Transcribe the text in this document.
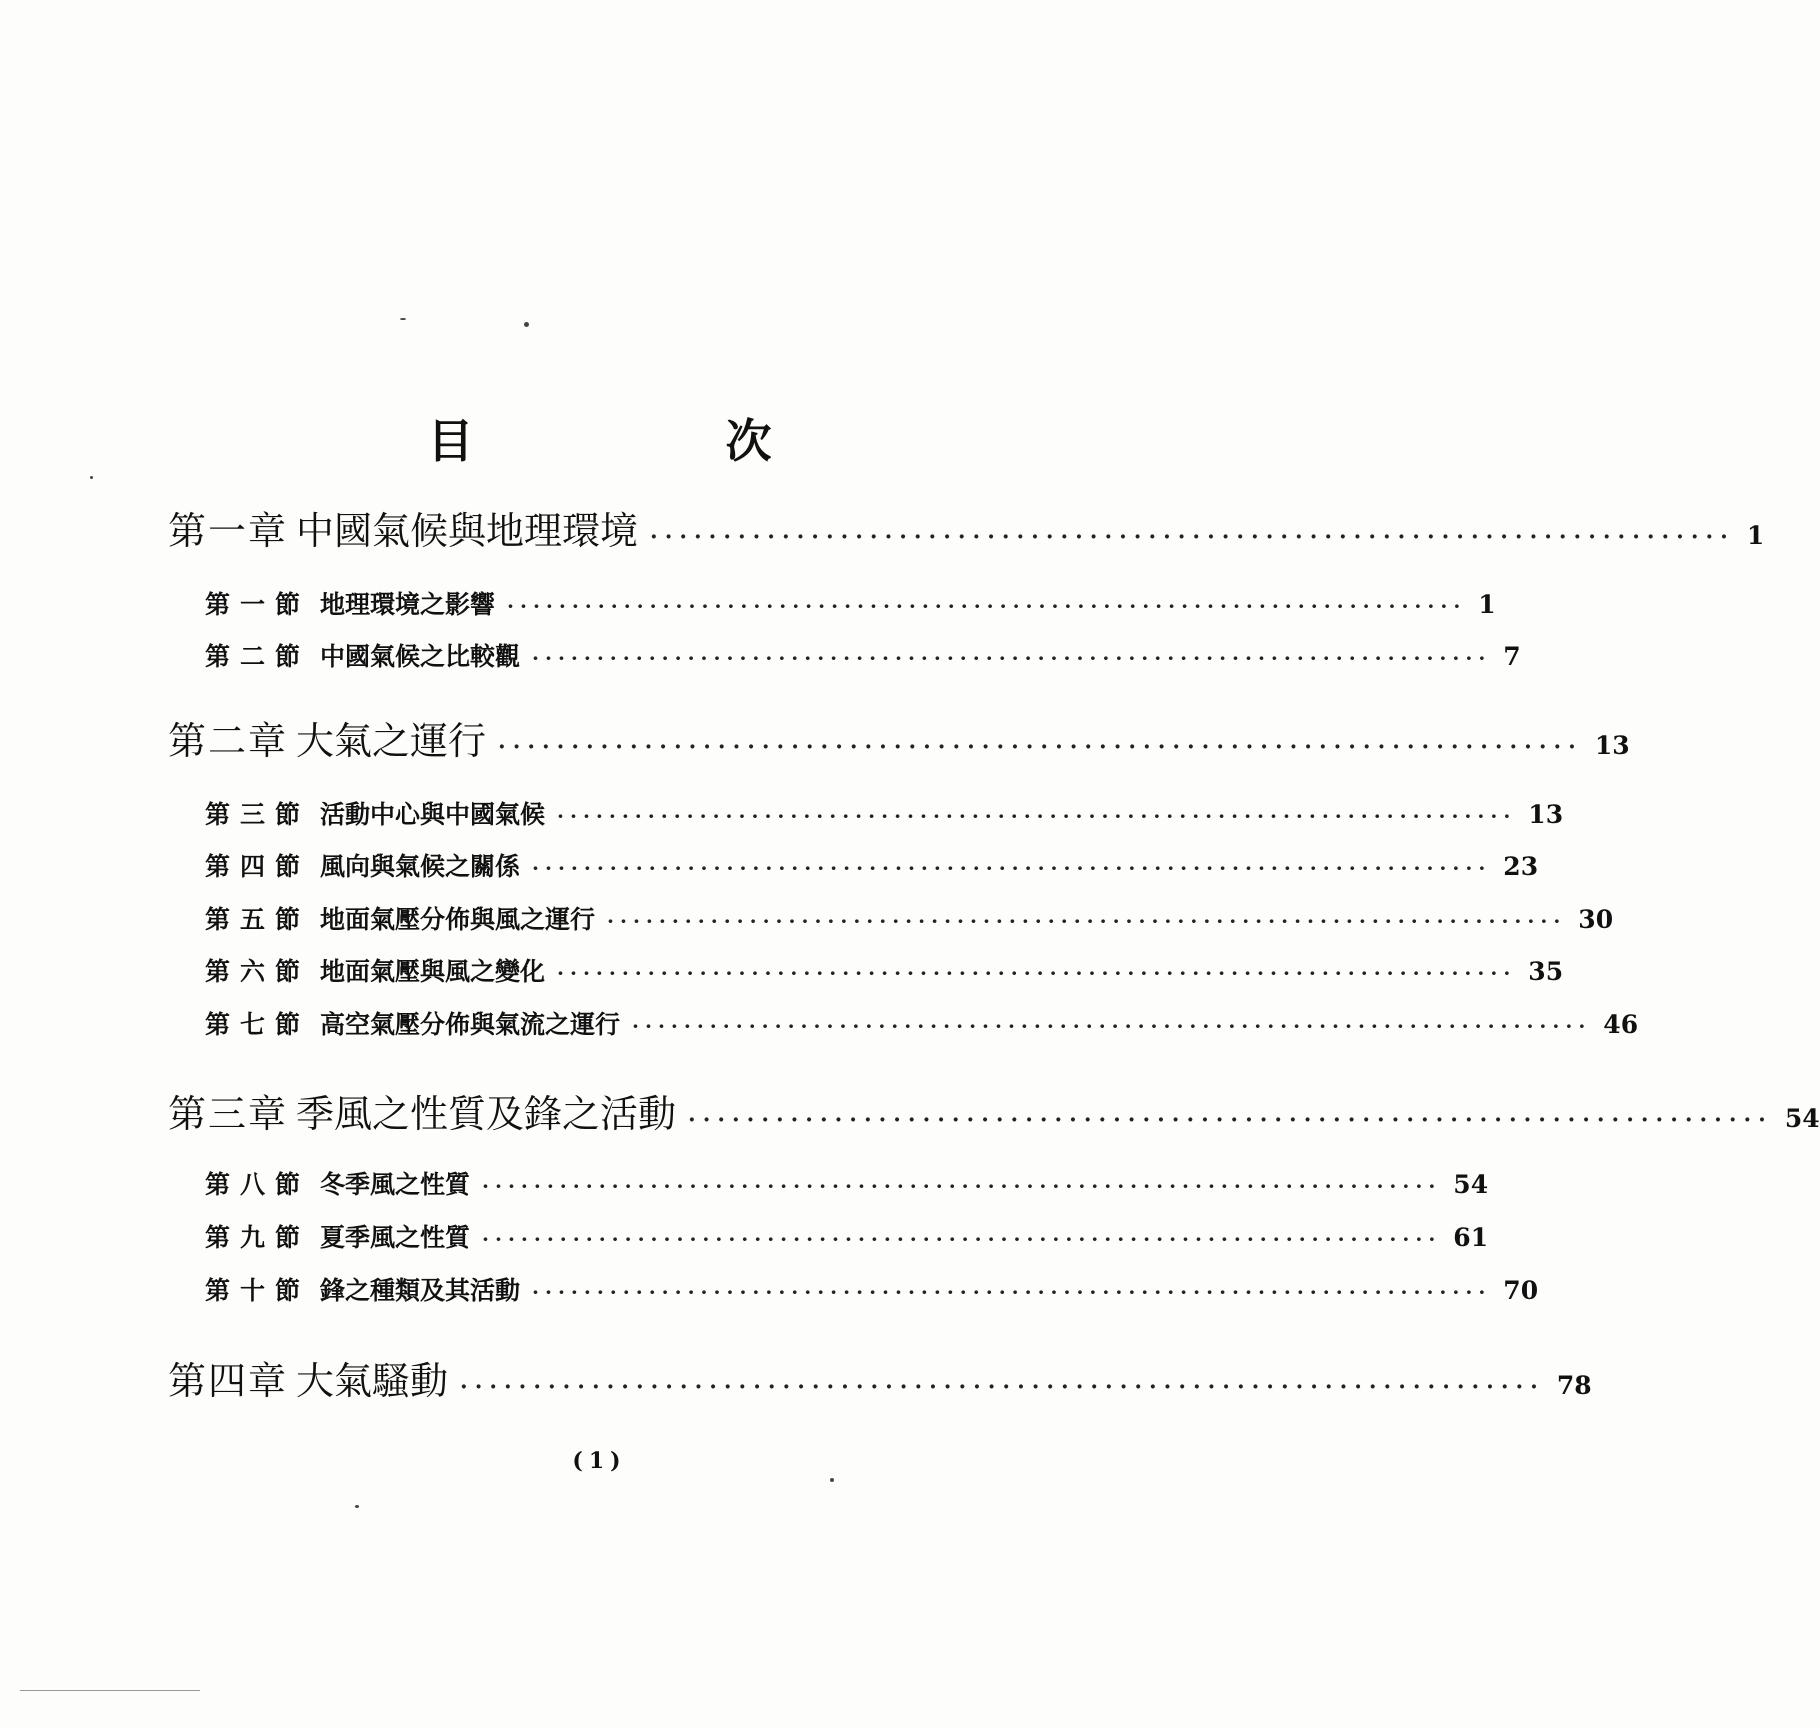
目 次
第一章 中國氣候與地理環境 ·········································································· 1
第一節 地理環境之影響 ·········································································· 1
第二節 中國氣候之比較觀 ·········································································· 7
第二章 大氣之運行 ·········································································· 13
第三節 活動中心與中國氣候 ·········································································· 13
第四節 風向與氣候之關係 ·········································································· 23
第五節 地面氣壓分佈與風之運行 ·········································································· 30
第六節 地面氣壓與風之變化 ·········································································· 35
第七節 高空氣壓分佈與氣流之運行 ·········································································· 46
第三章 季風之性質及鋒之活動 ·········································································· 54
第八節 冬季風之性質 ·········································································· 54
第九節 夏季風之性質 ·········································································· 61
第十節 鋒之種類及其活動 ·········································································· 70
第四章 大氣騷動 ·········································································· 78
(1)
